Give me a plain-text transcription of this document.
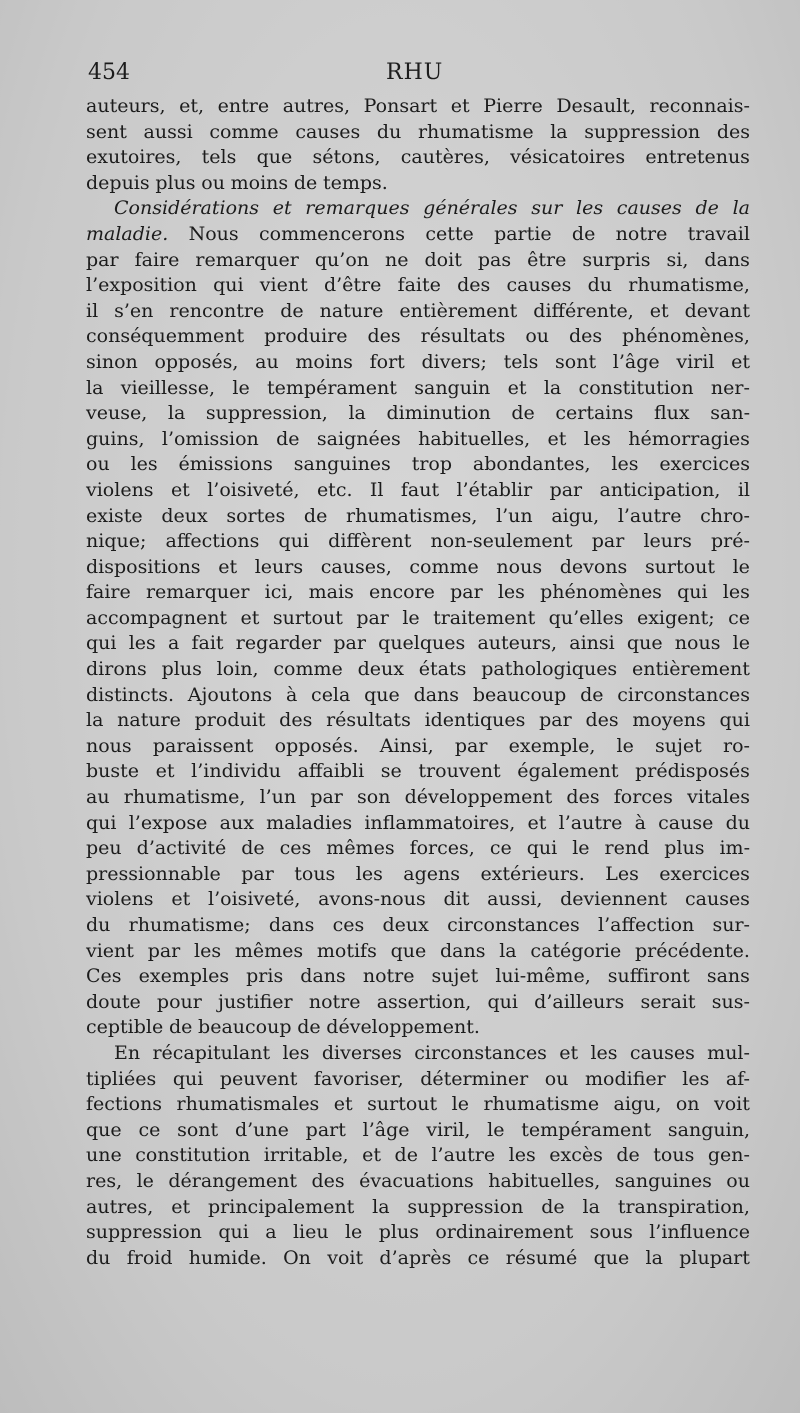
454	RHU
auteurs, et, entre autres, Ponsart et Pierre Desault, reconnais-
sent aussi comme causes du rhumatisme la suppression des
exutoires, tels que sétons, cautères, vésicatoires entretenus
depuis plus ou moins de temps.
Considérations et remarques générales sur les causes de la
maladie. Nous commencerons cette partie de notre travail
par faire remarquer qu’on ne doit pas être surpris si, dans
l’exposition qui vient d’être faite des causes du rhumatisme,
il s’en rencontre de nature entièrement différente, et devant
conséquemment produire des résultats ou des phénomènes,
sinon opposés, au moins fort divers; tels sont l’âge viril et
la vieillesse, le tempérament sanguin et la constitution ner-
veuse, la suppression, la diminution de certains flux san-
guins, l’omission de saignées habituelles, et les hémorragies
ou les émissions sanguines trop abondantes, les exercices
violens et l’oisiveté, etc. Il faut l’établir par anticipation, il
existe deux sortes de rhumatismes, l’un aigu, l’autre chro-
nique; affections qui diffèrent non-seulement par leurs pré-
dispositions et leurs causes, comme nous devons surtout le
faire remarquer ici, mais encore par les phénomènes qui les
accompagnent et surtout par le traitement qu’elles exigent; ce
qui les a fait regarder par quelques auteurs, ainsi que nous le
dirons plus loin, comme deux états pathologiques entièrement
distincts. Ajoutons à cela que dans beaucoup de circonstances
la nature produit des résultats identiques par des moyens qui
nous paraissent opposés. Ainsi, par exemple, le sujet ro-
buste et l’individu affaibli se trouvent également prédisposés
au rhumatisme, l’un par son développement des forces vitales
qui l’expose aux maladies inflammatoires, et l’autre à cause du
peu d’activité de ces mêmes forces, ce qui le rend plus im-
pressionnable par tous les agens extérieurs. Les exercices
violens et l’oisiveté, avons-nous dit aussi, deviennent causes
du rhumatisme; dans ces deux circonstances l’affection sur-
vient par les mêmes motifs que dans la catégorie précédente.
Ces exemples pris dans notre sujet lui-même, suffiront sans
doute pour justifier notre assertion, qui d’ailleurs serait sus-
ceptible de beaucoup de développement.
En récapitulant les diverses circonstances et les causes mul-
tipliées qui peuvent favoriser, déterminer ou modifier les af-
fections rhumatismales et surtout le rhumatisme aigu, on voit
que ce sont d’une part l’âge viril, le tempérament sanguin,
une constitution irritable, et de l’autre les excès de tous gen-
res, le dérangement des évacuations habituelles, sanguines ou
autres, et principalement la suppression de la transpiration,
suppression qui a lieu le plus ordinairement sous l’influence
du froid humide. On voit d’après ce résumé que la plupart
